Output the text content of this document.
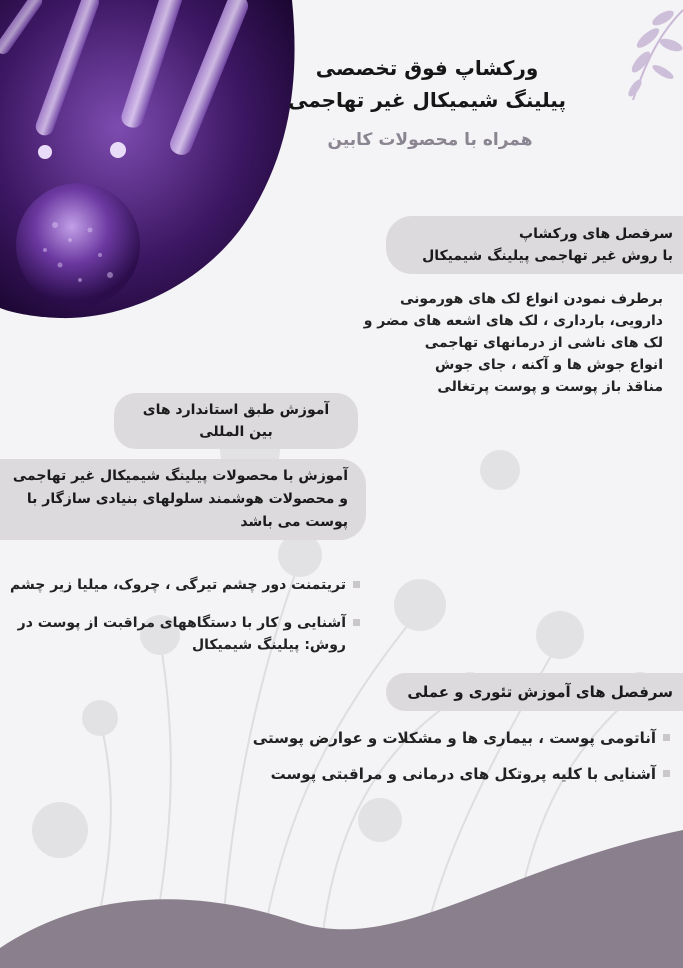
ورکشاپ فوق تخصصی
پیلینگ شیمیکال غیر تهاجمی
همراه با محصولات کابین
سرفصل های ورکشاپ
با روش غیر تهاجمی پیلینگ شیمیکال
برطرف نمودن انواع لک های هورمونی
دارویی، بارداری ، لک های اشعه های مضر و
لک های ناشی از درمانهای تهاجمی
انواع جوش ها و آکنه ، جای جوش
مناقذ باز پوست و پوست پرتغالی
آموزش طبق استاندارد های
بین المللی
آموزش با محصولات پیلینگ شیمیکال غیر تهاجمی و محصولات هوشمند سلولهای بنیادی سازگار با پوست می باشد
تریتمنت دور چشم تیرگی ، چروک، میلیا زیر چشم
آشنایی و کار با دستگاههای مراقبت از پوست در روش: پیلینگ شیمیکال
سرفصل های آموزش تئوری و عملی
آناتومی پوست ، بیماری ها و مشکلات و عوارض پوستی
آشنایی با کلیه پروتکل های درمانی و مراقبتی پوست
